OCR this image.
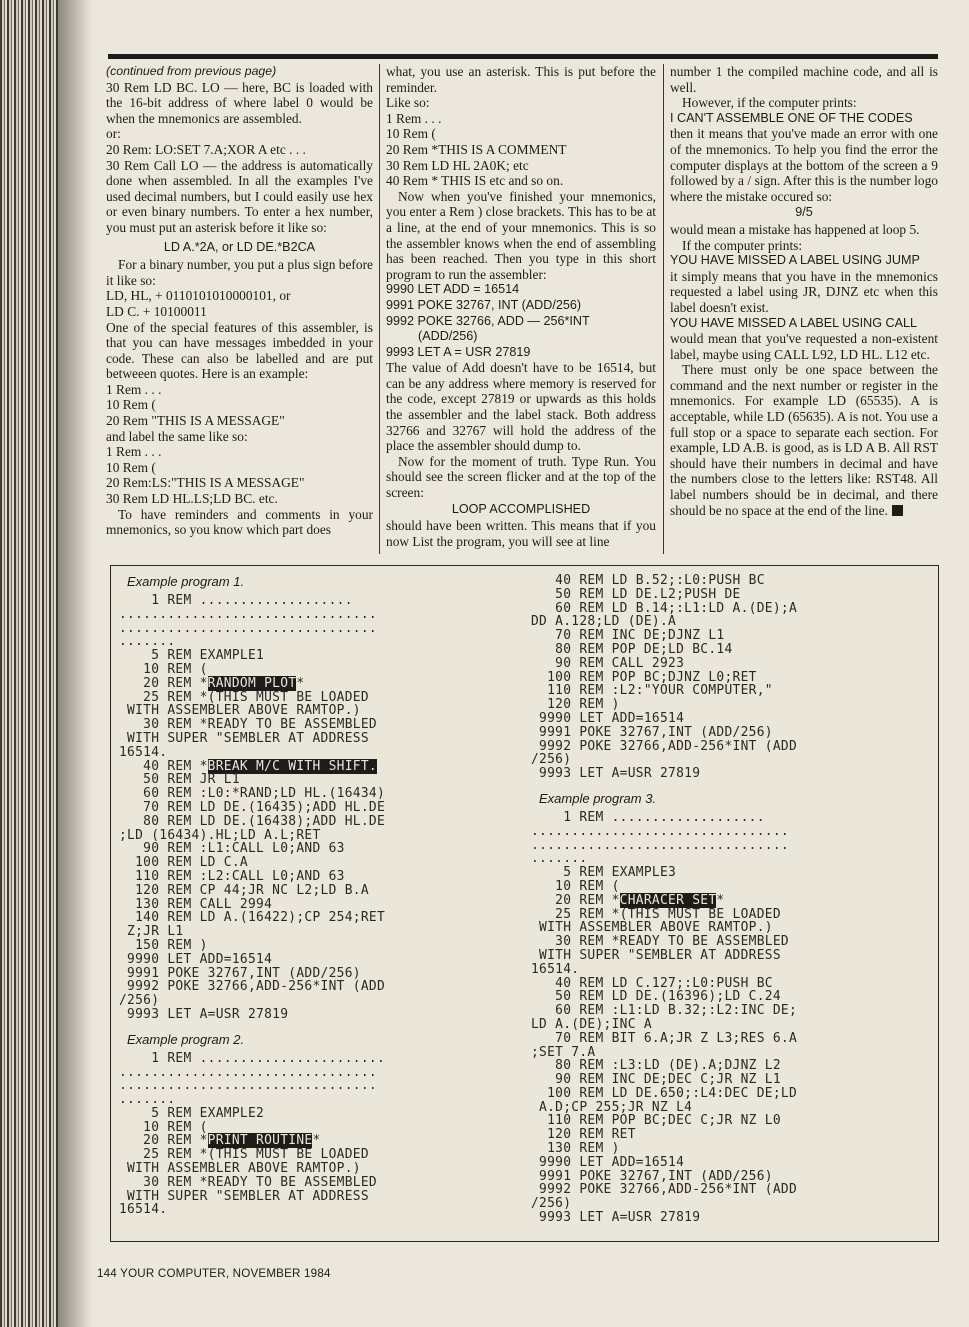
(continued from previous page)

30 Rem LD BC. LO — here, BC is loaded with the 16-bit address of where label 0 would be when the mnemonics are assembled.

or:

20 Rem: LO:SET 7.A;XOR A etc . . .

30 Rem Call LO — the address is automatically done when assembled. In all the examples I've used decimal numbers, but I could easily use hex or even binary numbers. To enter a hex number, you must put an asterisk before it like so:

LD A.*2A, or LD DE.*B2CA

For a binary number, you put a plus sign before it like so:

LD, HL, + 0110101010000101, or

LD C. + 10100011

One of the special features of this assembler, is that you can have messages imbedded in your code. These can also be labelled and are put betweeen quotes. Here is an example:

1 Rem . . .

10 Rem (

20 Rem "THIS IS A MESSAGE"

and label the same like so:

1 Rem . . .

10 Rem (

20 Rem:LS:"THIS IS A MESSAGE"

30 Rem LD HL.LS;LD BC. etc.

To have reminders and comments in your mnemonics, so you know which part does

what, you use an asterisk. This is put before the reminder.

Like so:

1 Rem . . .

10 Rem (

20 Rem *THIS IS A COMMENT

30 Rem LD HL 2A0K; etc

40 Rem * THIS IS etc and so on.

Now when you've finished your mnemonics, you enter a Rem ) close brackets. This has to be at a line, at the end of your mnemonics. This is so the assembler knows when the end of assembling has been reached. Then you type in this short program to run the assembler:

9990 LET ADD = 16514

9991 POKE 32767, INT (ADD/256)

9992 POKE 32766, ADD — 256*INT

(ADD/256)

9993 LET A = USR 27819

The value of Add doesn't have to be 16514, but can be any address where memory is reserved for the code, except 27819 or upwards as this holds the assembler and the label stack. Both address 32766 and 32767 will hold the address of the place the assembler should dump to.

Now for the moment of truth. Type Run. You should see the screen flicker and at the top of the screen:

LOOP ACCOMPLISHED

should have been written. This means that if you now List the program, you will see at line

number 1 the compiled machine code, and all is well.

However, if the computer prints:

I CAN'T ASSEMBLE ONE OF THE CODES

then it means that you've made an error with one of the mnemonics. To help you find the error the computer displays at the bottom of the screen a 9 followed by a / sign. After this is the number logo where the mistake occured so:

9/5

would mean a mistake has happened at loop 5.

If the computer prints:

YOU HAVE MISSED A LABEL USING JUMP

it simply means that you have in the mnemonics requested a label using JR, DJNZ etc when this label doesn't exist.

YOU HAVE MISSED A LABEL USING CALL

would mean that you've requested a non-existent label, maybe using CALL L92, LD HL. L12 etc.

There must only be one space between the command and the next number or register in the mnemonics. For example LD (65535). A is acceptable, while LD (65635). A is not. You use a full stop or a space to separate each section. For example, LD A.B. is good, as is LD A B. All RST should have their numbers in decimal and have the numbers close to the letters like: RST48. All label numbers should be in decimal, and there should be no space at the end of the line.

Example program 1.

1 REM ...................
................................
................................
.......
5 REM EXAMPLE1
10 REM (
20 REM *RANDOM PLOT*
25 REM *(THIS MUST BE LOADED
WITH ASSEMBLER ABOVE RAMTOP.)
30 REM *READY TO BE ASSEMBLED
WITH SUPER "SEMBLER AT ADDRESS
16514.
40 REM *BREAK M/C WITH SHIFT.
50 REM JR L1
60 REM :L0:*RAND;LD HL.(16434)
70 REM LD DE.(16435);ADD HL.DE
80 REM LD DE.(16438);ADD HL.DE
;LD (16434).HL;LD A.L;RET
90 REM :L1:CALL L0;AND 63
100 REM LD C.A
110 REM :L2:CALL L0;AND 63
120 REM CP 44;JR NC L2;LD B.A
130 REM CALL 2994
140 REM LD A.(16422);CP 254;RET
Z;JR L1
150 REM )
9990 LET ADD=16514
9991 POKE 32767,INT (ADD/256)
9992 POKE 32766,ADD-256*INT (ADD
/256)
9993 LET A=USR 27819

Example program 2.

1 REM .......................
................................
................................
.......
5 REM EXAMPLE2
10 REM (
20 REM *PRINT ROUTINE*
25 REM *(THIS MUST BE LOADED
WITH ASSEMBLER ABOVE RAMTOP.)
30 REM *READY TO BE ASSEMBLED
WITH SUPER "SEMBLER AT ADDRESS
16514.
40 REM LD B.52;:L0:PUSH BC
50 REM LD DE.L2;PUSH DE
60 REM LD B.14;:L1:LD A.(DE);A
DD A.128;LD (DE).A
70 REM INC DE;DJNZ L1
80 REM POP DE;LD BC.14
90 REM CALL 2923
100 REM POP BC;DJNZ L0;RET
110 REM :L2:"YOUR COMPUTER,"
120 REM )
9990 LET ADD=16514
9991 POKE 32767,INT (ADD/256)
9992 POKE 32766,ADD-256*INT (ADD
/256)
9993 LET A=USR 27819

Example program 3.

1 REM ...................
................................
................................
.......
5 REM EXAMPLE3
10 REM (
20 REM *CHARACER SET*
25 REM *(THIS MUST BE LOADED
WITH ASSEMBLER ABOVE RAMTOP.)
30 REM *READY TO BE ASSEMBLED
WITH SUPER "SEMBLER AT ADDRESS
16514.
40 REM LD C.127;:L0:PUSH BC
50 REM LD DE.(16396);LD C.24
60 REM :L1:LD B.32;:L2:INC DE;
LD A.(DE);INC A
70 REM BIT 6.A;JR Z L3;RES 6.A
;SET 7.A
80 REM :L3:LD (DE).A;DJNZ L2
90 REM INC DE;DEC C;JR NZ L1
100 REM LD DE.650;:L4:DEC DE;LD
A.D;CP 255;JR NZ L4
110 REM POP BC;DEC C;JR NZ L0
120 REM RET
130 REM )
9990 LET ADD=16514
9991 POKE 32767,INT (ADD/256)
9992 POKE 32766,ADD-256*INT (ADD
/256)
9993 LET A=USR 27819
144 YOUR COMPUTER, NOVEMBER 1984
